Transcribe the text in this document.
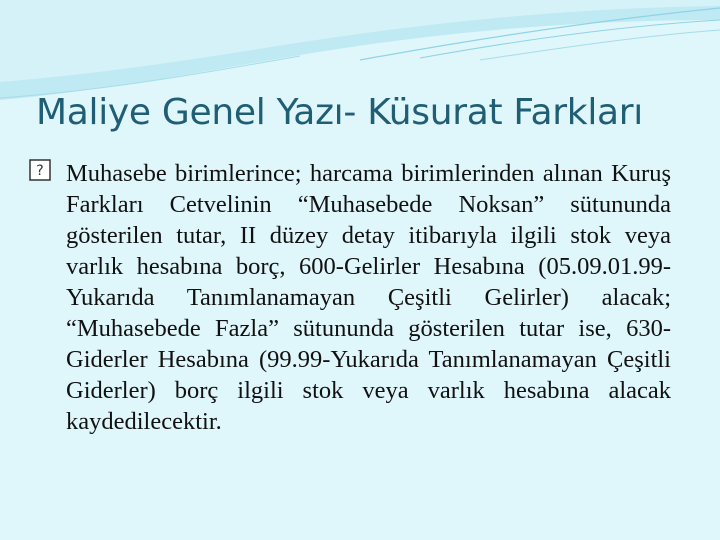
Maliye Genel Yazı- Küsurat Farkları
? Muhasebe birimlerince; harcama birimlerinden alınan Kuruş Farkları Cetvelinin “Muhasebede Noksan” sütununda gösterilen tutar, II düzey detay itibarıyla ilgili stok veya varlık hesabına borç, 600-Gelirler Hesabına (05.09.01.99-Yukarıda Tanımlanamayan Çeşitli Gelirler) alacak; “Muhasebede Fazla” sütununda gösterilen tutar ise, 630-Giderler Hesabına (99.99-Yukarıda Tanımlanamayan Çeşitli Giderler) borç ilgili stok veya varlık hesabına alacak kaydedilecektir.
